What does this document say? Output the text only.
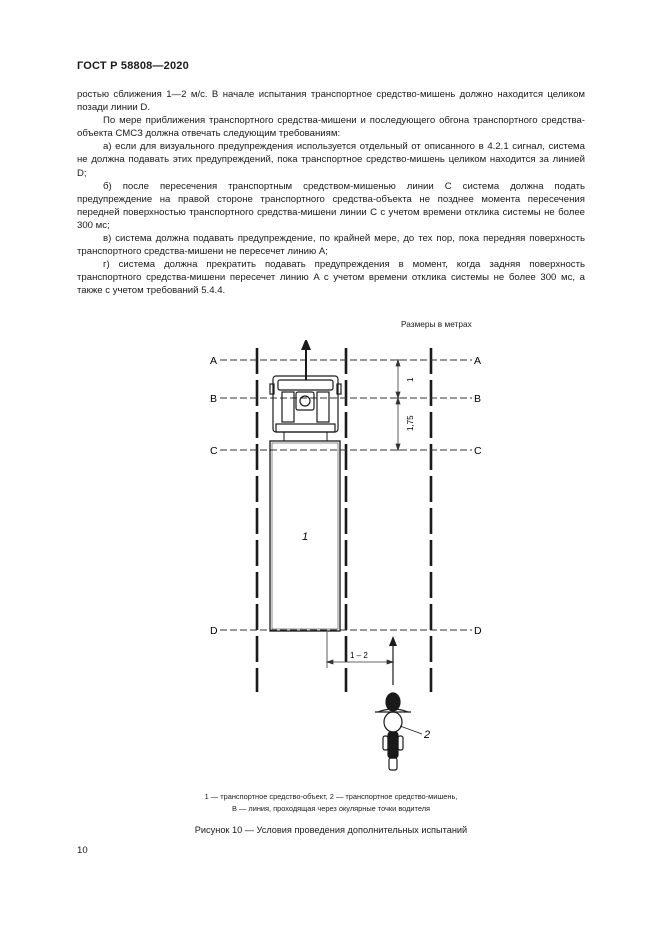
ГОСТ Р 58808—2020

ростью сближения 1—2 м/с. В начале испытания транспортное средство-мишень должно находится целиком позади линии D.

По мере приближения транспортного средства-мишени и последующего обгона транспортного средства-объекта СМСЗ должна отвечать следующим требованиям:

а) если для визуального предупреждения используется отдельный от описанного в 4.2.1 сигнал, система не должна подавать этих предупреждений, пока транспортное средство-мишень целиком находится за линией D;

б) после пересечения транспортным средством-мишенью линии C система должна подать предупреждение на правой стороне транспортного средства-объекта не позднее момента пересечения передней поверхностью транспортного средства-мишени линии C с учетом времени отклика системы не более 300 мс;

в) система должна подавать предупреждение, по крайней мере, до тех пор, пока передняя поверхность транспортного средства-мишени не пересечет линию A;

г) система должна прекратить подавать предупреждения в момент, когда задняя поверхность транспортного средства-мишени пересечет линию A с учетом времени отклика системы не более 300 мс, а также с учетом требований 5.4.4.

Размеры в метрах
A	A
B	B
C	C
D	D
1
1
1,75
1 – 2
2
1 — транспортное средство-объект, 2 — транспортное средство-мишень,
B — линия, проходящая через окулярные точки водителя
Рисунок 10 — Условия проведения дополнительных испытаний
10
